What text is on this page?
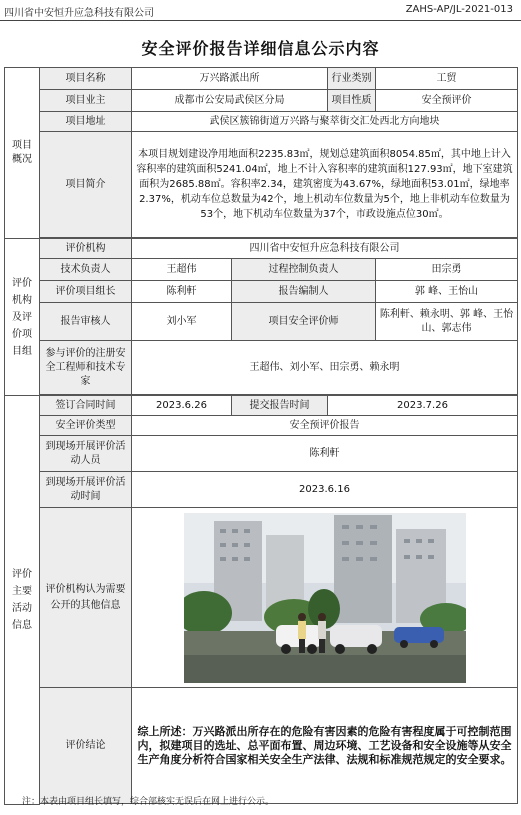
四川省中安恒升应急科技有限公司	ZAHS-AP/JL-2021-013
安全评价报告详细信息公示内容
项目概况	项目名称	万兴路派出所		行业类别	工贸
	项目业主	成都市公安局武侯区分局		项目性质	安全预评价
	项目地址	武侯区簇锦街道万兴路与聚萃街交汇处西北方向地块			
	项目简介	本项目规划建设净用地面积2235.83㎡，规划总建筑面积8054.85㎡，其中地上计入容积率的建筑面积5241.04㎡，地上不计入容积率的建筑面积127.93㎡，地下室建筑面积为2685.88㎡。容积率2.34，建筑密度为43.67%，绿地面积53.01㎡，绿地率2.37%，机动车位总数量为42个，地上机动车位数量为5个，地上非机动车位数量为53个，地下机动车位数量为37个，市政设施点位30㎡。			

评价机构及评价项目组	评价机构	四川省中安恒升应急科技有限公司			
	技术负责人	王超伟	过程控制负责人		田宗勇
	评价项目组长	陈利軒	报告编制人		郭 峰、王怡山
	报告审核人	刘小军	项目安全评价师		陈利軒、赖永明、郭 峰、王怡山、郭志伟
	参与评价的注册安全工程师和技术专家	王超伟、刘小军、田宗勇、赖永明			

评价主要活动信息	签订合同时间	2023.6.26	提交报告时间	2023.7.26	
	安全评价类型	安全预评价报告			
	到现场开展评价活动人员	陈利軒			
	到现场开展评价活动时间	2023.6.16			
	评价机构认为需要公开的其他信息	

	评价结论	综上所述：万兴路派出所存在的危险有害因素的危险有害程度属于可控制范围内，拟建项目的选址、总平面布置、周边环境、工艺设备和安全设施等从安全生产角度分析符合国家相关安全生产法律、法规和标准规范规定的安全要求。			

注：本表由项目组长填写，综合部核实无误后在网上进行公示。
